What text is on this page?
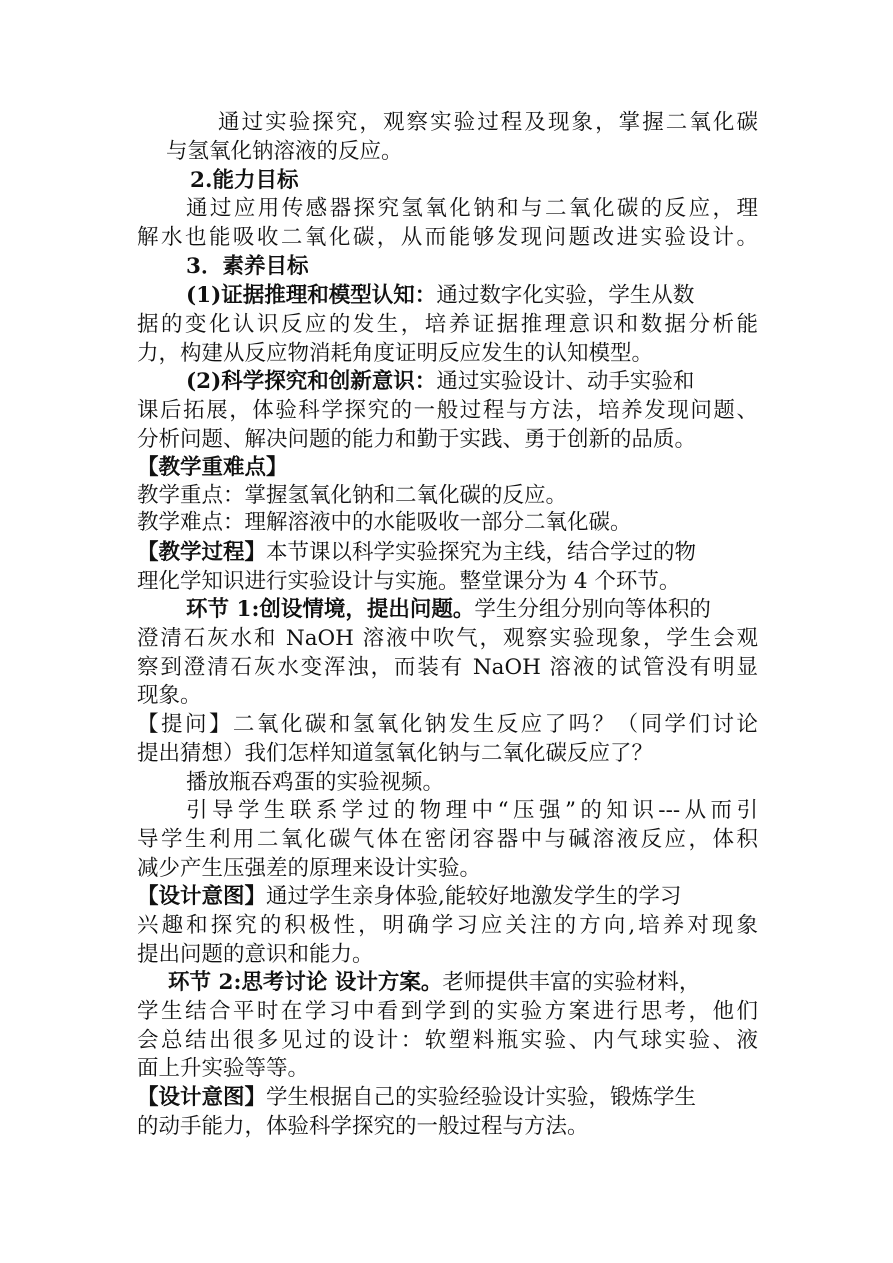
通过实验探究，观察实验过程及现象，掌握二氧化碳
与氢氧化钠溶液的反应。
2.能力目标
通过应用传感器探究氢氧化钠和与二氧化碳的反应，理
解水也能吸收二氧化碳，从而能够发现问题改进实验设计。
3．素养目标
(1)证据推理和模型认知：通过数字化实验，学生从数
据的变化认识反应的发生，培养证据推理意识和数据分析能
力，构建从反应物消耗角度证明反应发生的认知模型。
(2)科学探究和创新意识：通过实验设计、动手实验和
课后拓展，体验科学探究的一般过程与方法，培养发现问题、
分析问题、解决问题的能力和勤于实践、勇于创新的品质。
【教学重难点】
教学重点：掌握氢氧化钠和二氧化碳的反应。
教学难点：理解溶液中的水能吸收一部分二氧化碳。
【教学过程】本节课以科学实验探究为主线，结合学过的物
理化学知识进行实验设计与实施。整堂课分为 4 个环节。
环节 1:创设情境，提出问题。学生分组分别向等体积的
澄清石灰水和 NaOH 溶液中吹气，观察实验现象，学生会观
察到澄清石灰水变浑浊，而装有 NaOH 溶液的试管没有明显
现象。
【提问】二氧化碳和氢氧化钠发生反应了吗？（同学们讨论
提出猜想）我们怎样知道氢氧化钠与二氧化碳反应了？
播放瓶吞鸡蛋的实验视频。
引导学生联系学过的物理中“压强”的知识---从而引
导学生利用二氧化碳气体在密闭容器中与碱溶液反应，体积
减少产生压强差的原理来设计实验。
【设计意图】通过学生亲身体验,能较好地激发学生的学习
兴趣和探究的积极性，明确学习应关注的方向,培养对现象
提出问题的意识和能力。
环节 2:思考讨论 设计方案。老师提供丰富的实验材料，
学生结合平时在学习中看到学到的实验方案进行思考，他们
会总结出很多见过的设计：软塑料瓶实验、内气球实验、液
面上升实验等等。
【设计意图】学生根据自己的实验经验设计实验，锻炼学生
的动手能力，体验科学探究的一般过程与方法。
